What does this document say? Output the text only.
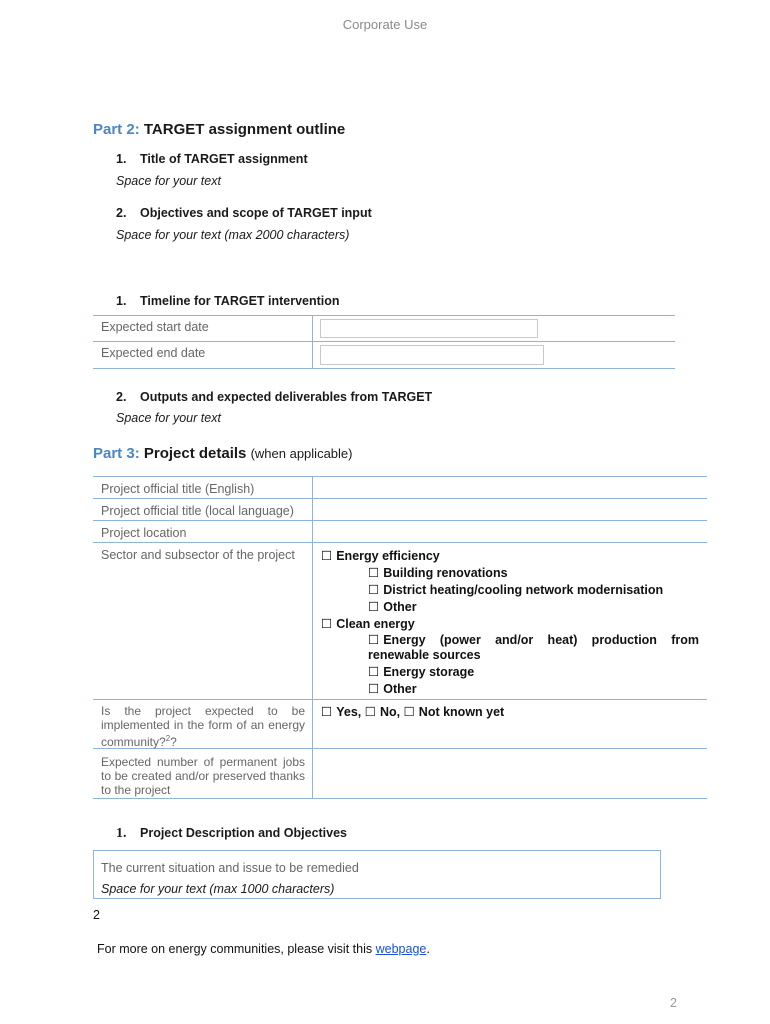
Corporate Use
Part 2: TARGET assignment outline
1. Title of TARGET assignment
Space for your text
2. Objectives and scope of TARGET input
Space for your text (max 2000 characters)
1. Timeline for TARGET intervention
Expected start date
Expected end date
2. Outputs and expected deliverables from TARGET
Space for your text
Part 3: Project details (when applicable)
Project official title (English)
Project official title (local language)
Project location
Sector and subsector of the project ☐ Energy efficiency
☐ Building renovations
☐ District heating/cooling network modernisation
☐ Other
☐ Clean energy
☐ Energy (power and/or heat) production from renewable sources
☐ Energy storage
☐ Other
Is the project expected to be implemented in the form of an energy community?$^2$?
☐ Yes, ☐ No, ☐ Not known yet
Expected number of permanent jobs to be created and/or preserved thanks to the project
1. Project Description and Objectives
The current situation and issue to be remedied
Space for your text (max 1000 characters)
2
For more on energy communities, please visit this webpage.
2
